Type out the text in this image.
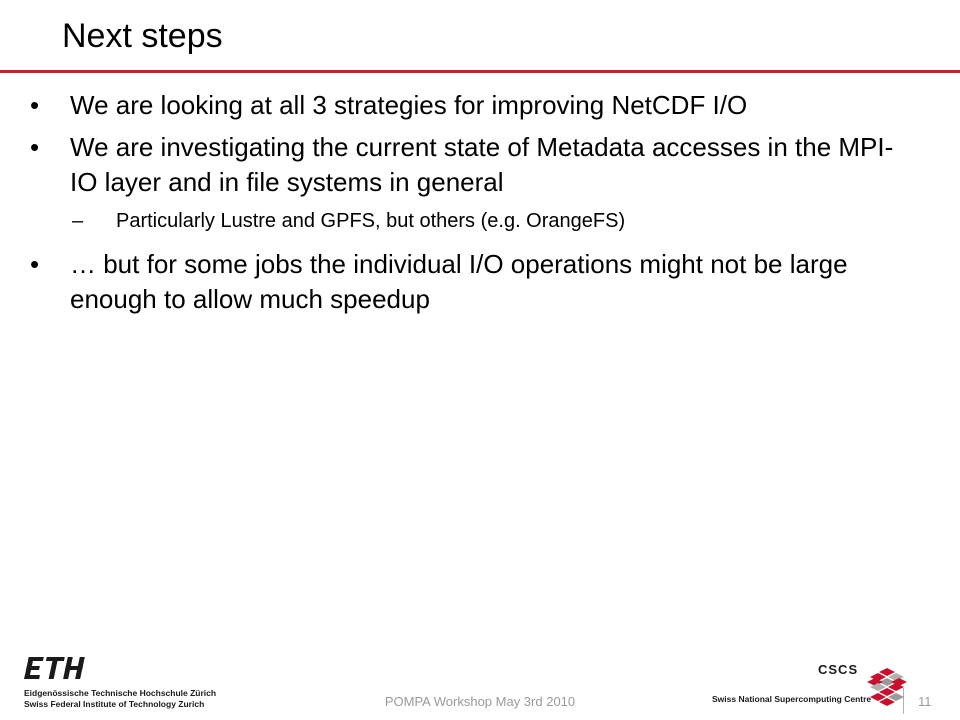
Next steps
• We are looking at all 3 strategies for improving NetCDF I/O
• We are investigating the current state of Metadata accesses in the MPI-IO layer and in file systems in general
– Particularly Lustre and GPFS, but others (e.g. OrangeFS)
• … but for some jobs the individual I/O operations might not be large enough to allow much speedup
Eidgenössische Technische Hochschule Zürich
Swiss Federal Institute of Technology Zurich	POMPA Workshop May 3rd 2010	11
CSCS
Swiss National Supercomputing Centre
